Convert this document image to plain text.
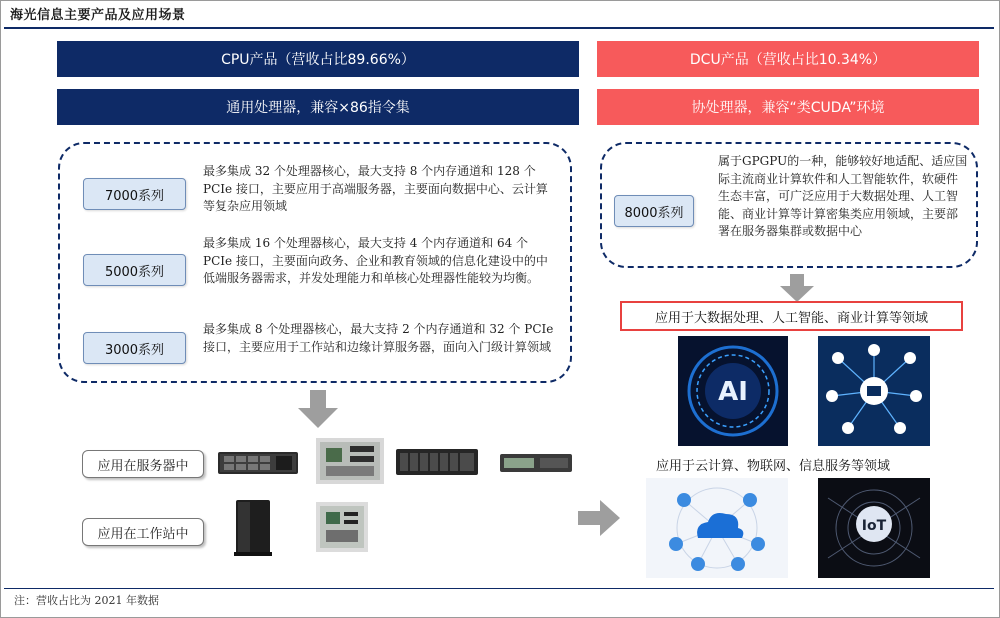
海光信息主要产品及应用场景
CPU产品（营收占比89.66%）
通用处理器，兼容×86指令集
DCU产品（营收占比10.34%）
协处理器，兼容“类CUDA”环境
7000系列
最多集成 32 个处理器核心，最大支持 8 个内存通道和 128 个 PCIe 接口，主要应用于高端服务器，主要面向数据中心、云计算等复杂应用领域
5000系列
最多集成 16 个处理器核心，最大支持 4 个内存通道和 64 个 PCIe 接口，主要面向政务、企业和教育领域的信息化建设中的中低端服务器需求，并发处理能力和单核心处理器性能较为均衡。
3000系列
最多集成 8 个处理器核心，最大支持 2 个内存通道和 32 个 PCIe 接口，主要应用于工作站和边缘计算服务器，面向入门级计算领域
8000系列
属于GPGPU的一种，能够较好地适配、适应国际主流商业计算软件和人工智能软件，软硬件生态丰富，可广泛应用于大数据处理、人工智能、商业计算等计算密集类应用领域，主要部署在服务器集群或数据中心
应用于大数据处理、人工智能、商业计算等领域
应用在服务器中
应用在工作站中
AI
应用于云计算、物联网、信息服务等领域
IoT
注：营收占比为 2021 年数据
